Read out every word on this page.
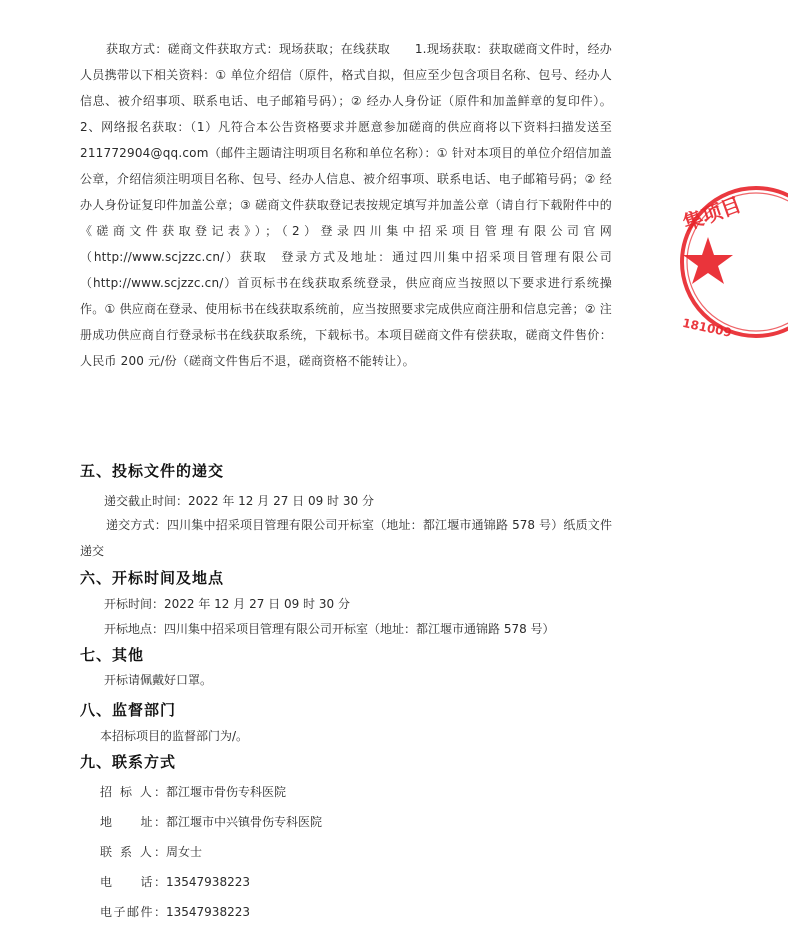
获取方式：磋商文件获取方式：现场获取；在线获取　　1.现场获取：获取磋商文件时，经办人员携带以下相关资料：① 单位介绍信（原件，格式自拟，但应至少包含项目名称、包号、经办人信息、被介绍事项、联系电话、电子邮箱号码）；② 经办人身份证（原件和加盖鲜章的复印件）。2、网络报名获取：（1）凡符合本公告资格要求并愿意参加磋商的供应商将以下资料扫描发送至 211772904@qq.com（邮件主题请注明项目名称和单位名称）：① 针对本项目的单位介绍信加盖公章，介绍信须注明项目名称、包号、经办人信息、被介绍事项、联系电话、电子邮箱号码；② 经办人身份证复印件加盖公章；③ 磋商文件获取登记表按规定填写并加盖公章（请自行下载附件中的《磋商文件获取登记表》）；（2）登录四川集中招采项目管理有限公司官网（http://www.scjzzc.cn/）获取　登录方式及地址：通过四川集中招采项目管理有限公司（http://www.scjzzc.cn/）首页标书在线获取系统登录，供应商应当按照以下要求进行系统操作。① 供应商在登录、使用标书在线获取系统前，应当按照要求完成供应商注册和信息完善；② 注册成功供应商自行登录标书在线获取系统，下载标书。本项目磋商文件有偿获取，磋商文件售价：人民币 200 元/份（磋商文件售后不退，磋商资格不能转让）。

五、投标文件的递交

递交截止时间：2022 年 12 月 27 日 09 时 30 分

递交方式：四川集中招采项目管理有限公司开标室（地址：都江堰市通锦路 578 号）纸质文件递交

六、开标时间及地点

开标时间：2022 年 12 月 27 日 09 时 30 分

开标地点：四川集中招采项目管理有限公司开标室（地址：都江堰市通锦路 578 号）

七、其他

开标请佩戴好口罩。

八、监督部门

本招标项目的监督部门为/。

九、联系方式

招 标 人：都江堰市骨伤专科医院

地　　址：都江堰市中兴镇骨伤专科医院

联 系 人：周女士

电　　话：13547938223

电子邮件：13547938223

集项目
181009
